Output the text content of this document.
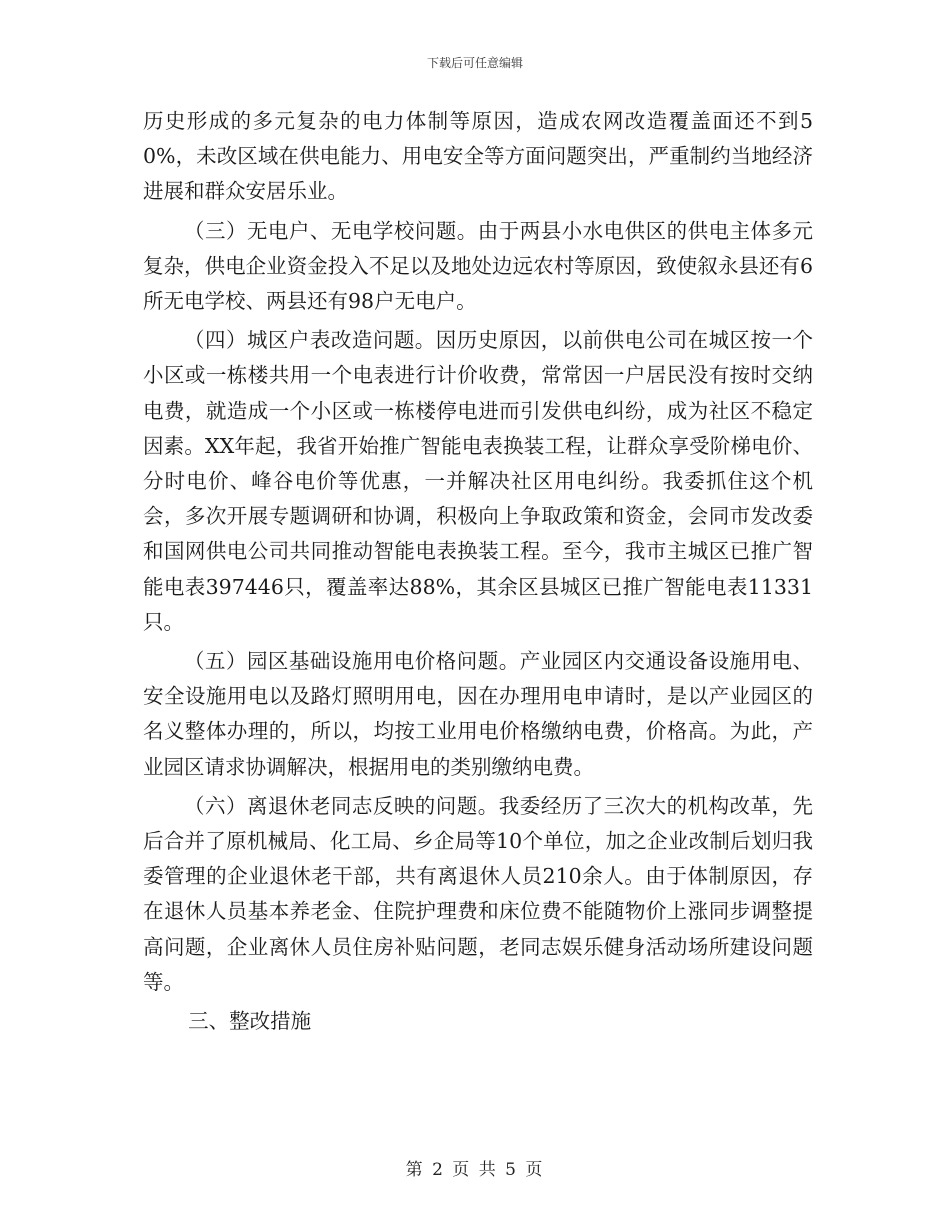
下载后可任意编辑

历史形成的多元复杂的电力体制等原因，造成农网改造覆盖面还不到50%，未改区域在供电能力、用电安全等方面问题突出，严重制约当地经济进展和群众安居乐业。

（三）无电户、无电学校问题。由于两县小水电供区的供电主体多元复杂，供电企业资金投入不足以及地处边远农村等原因，致使叙永县还有6所无电学校、两县还有98户无电户。

（四）城区户表改造问题。因历史原因，以前供电公司在城区按一个小区或一栋楼共用一个电表进行计价收费，常常因一户居民没有按时交纳电费，就造成一个小区或一栋楼停电进而引发供电纠纷，成为社区不稳定因素。XX年起，我省开始推广智能电表换装工程，让群众享受阶梯电价、分时电价、峰谷电价等优惠，一并解决社区用电纠纷。我委抓住这个机会，多次开展专题调研和协调，积极向上争取政策和资金，会同市发改委和国网供电公司共同推动智能电表换装工程。至今，我市主城区已推广智能电表397446只，覆盖率达88%，其余区县城区已推广智能电表11331只。

（五）园区基础设施用电价格问题。产业园区内交通设备设施用电、安全设施用电以及路灯照明用电，因在办理用电申请时，是以产业园区的名义整体办理的，所以，均按工业用电价格缴纳电费，价格高。为此，产业园区请求协调解决，根据用电的类别缴纳电费。

（六）离退休老同志反映的问题。我委经历了三次大的机构改革，先后合并了原机械局、化工局、乡企局等10个单位，加之企业改制后划归我委管理的企业退休老干部，共有离退休人员210余人。由于体制原因，存在退休人员基本养老金、住院护理费和床位费不能随物价上涨同步调整提高问题，企业离休人员住房补贴问题，老同志娱乐健身活动场所建设问题等。

三、整改措施

第 2 页 共 5 页
